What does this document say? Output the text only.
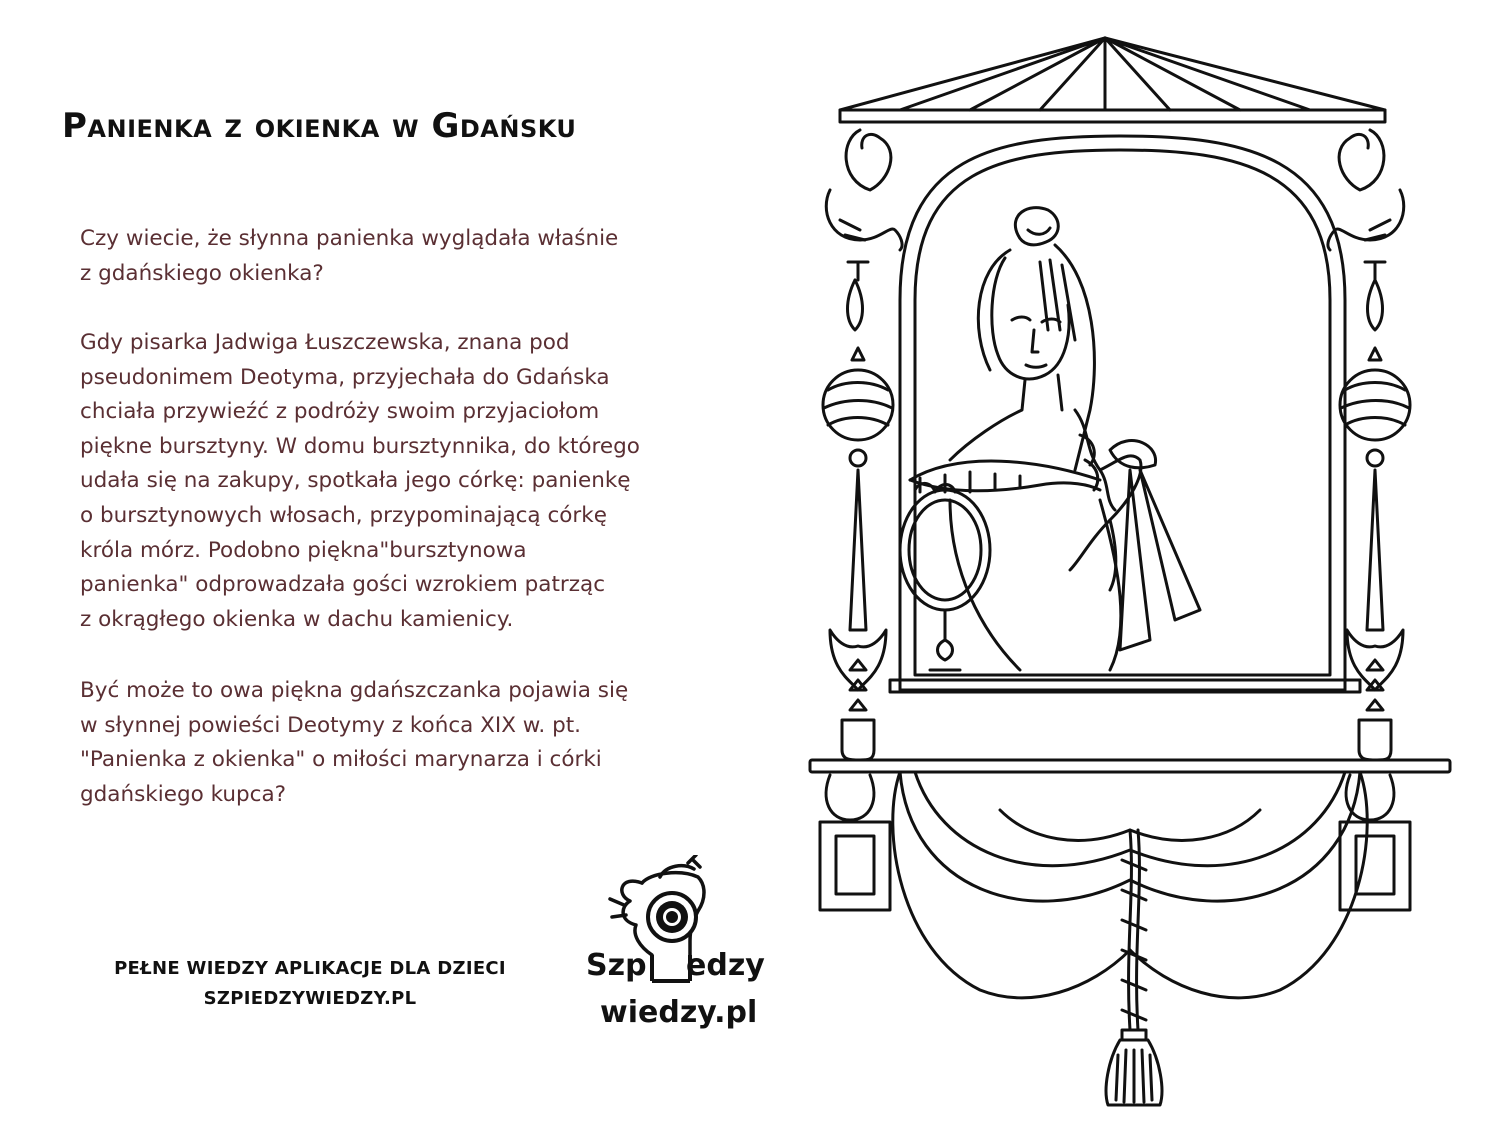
Panienka z okienka w Gdańsku
Czy wiecie, że słynna panienka wyglądała właśnie
z gdańskiego okienka?
Gdy pisarka Jadwiga Łuszczewska, znana pod
pseudonimem Deotyma, przyjechała do Gdańska
chciała przywieźć z podróży swoim przyjaciołom
piękne bursztyny. W domu bursztynnika, do którego
udała się na zakupy, spotkała jego córkę: panienkę
o bursztynowych włosach, przypominającą córkę
króla mórz. Podobno piękna"bursztynowa
panienka" odprowadzała gości wzrokiem patrząc
z okrągłego okienka w dachu kamienicy.
Być może to owa piękna gdańszczanka pojawia się
w słynnej powieści Deotymy z końca XIX w. pt.
"Panienka z okienka" o miłości marynarza i córki
gdańskiego kupca?
PEŁNE WIEDZY APLIKACJE DLA DZIECI
SZPIEDZYWIEDZY.PL
Szp edzy
wiedzy.pl
